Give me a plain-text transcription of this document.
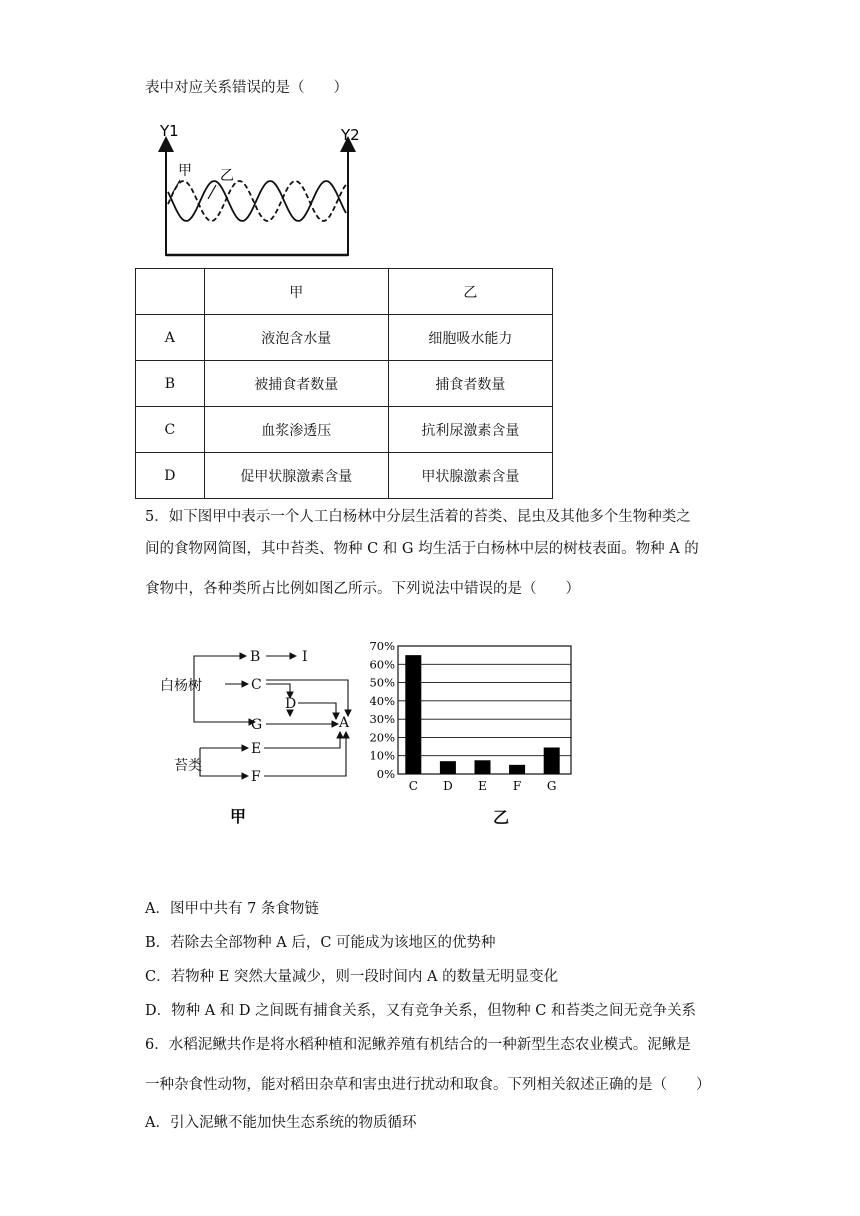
表中对应关系错误的是（　　）
Y1	Y2
甲 乙
	甲	乙
A	液泡含水量	细胞吸水能力
B	被捕食者数量	捕食者数量
C	血浆渗透压	抗利尿激素含量
D	促甲状腺激素含量	甲状腺激素含量
5．如下图甲中表示一个人工白杨林中分层生活着的苔类、昆虫及其他多个生物种类之
间的食物网简图，其中苔类、物种 C 和 G 均生活于白杨林中层的树枝表面。物种 A 的
食物中，各种类所占比例如图乙所示。下列说法中错误的是（　　）
白杨树
苔类
B	I
C
D
G	A
E
F
甲
0%
10%
20%
30%
40%
50%
60%
70%
C D E F G
乙
A．图甲中共有 7 条食物链
B．若除去全部物种 A 后，C 可能成为该地区的优势种
C．若物种 E 突然大量减少，则一段时间内 A 的数量无明显变化
D．物种 A 和 D 之间既有捕食关系，又有竞争关系，但物种 C 和苔类之间无竞争关系
6．水稻泥鳅共作是将水稻种植和泥鳅养殖有机结合的一种新型生态农业模式。泥鳅是
一种杂食性动物，能对稻田杂草和害虫进行扰动和取食。下列相关叙述正确的是（　　）
A．引入泥鳅不能加快生态系统的物质循环
